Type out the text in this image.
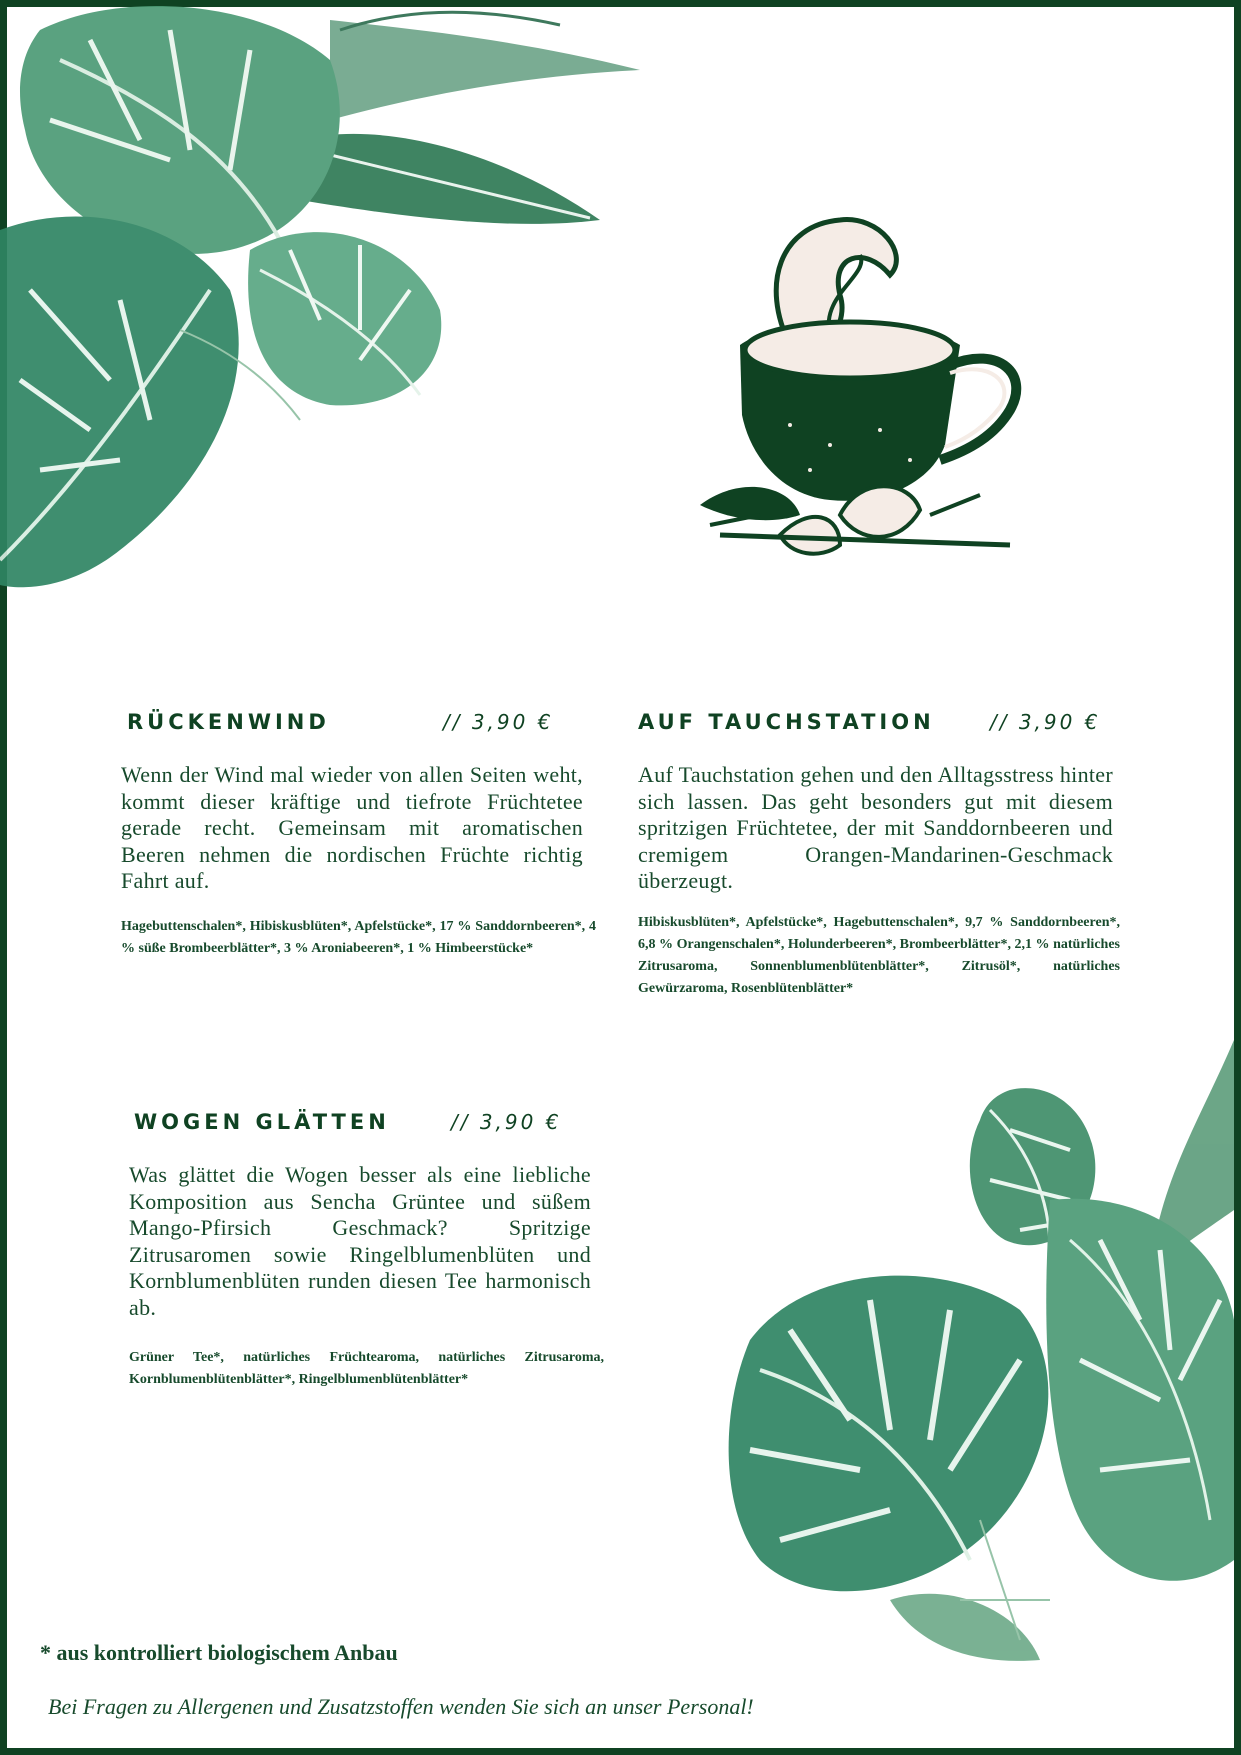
RÜCKENWIND	// 3,90 €

Wenn der Wind mal wieder von allen Seiten weht, kommt dieser kräftige und tiefrote Früchtetee gerade recht. Gemeinsam mit aromatischen Beeren nehmen die nordischen Früchte richtig Fahrt auf.

Hagebuttenschalen*, Hibiskusblüten*, Apfelstücke*, 17 % Sanddornbeeren*, 4 % süße Brombeerblätter*, 3 % Aroniabeeren*, 1 % Himbeerstücke*

AUF TAUCHSTATION	// 3,90 €

Auf Tauchstation gehen und den Alltagsstress hinter sich lassen. Das geht besonders gut mit diesem spritzigen Früchtetee, der mit Sanddornbeeren und cremigem Orangen-Mandarinen-Geschmack überzeugt.

Hibiskusblüten*, Apfelstücke*, Hagebuttenschalen*, 9,7 % Sanddornbeeren*, 6,8 % Orangenschalen*, Holunderbeeren*, Brombeerblätter*, 2,1 % natürliches Zitrusaroma, Sonnenblumenblütenblätter*, Zitrusöl*, natürliches Gewürzaroma, Rosenblütenblätter*

WOGEN GLÄTTEN	// 3,90 €

Was glättet die Wogen besser als eine liebliche Komposition aus Sencha Grüntee und süßem Mango-Pfirsich Geschmack? Spritzige Zitrusaromen sowie Ringelblumenblüten und Kornblumenblüten runden diesen Tee harmonisch ab.

Grüner Tee*, natürliches Früchtearoma, natürliches Zitrusaroma, Kornblumenblütenblätter*, Ringelblumenblütenblätter*

* aus kontrolliert biologischem Anbau

Bei Fragen zu Allergenen und Zusatzstoffen wenden Sie sich an unser Personal!
